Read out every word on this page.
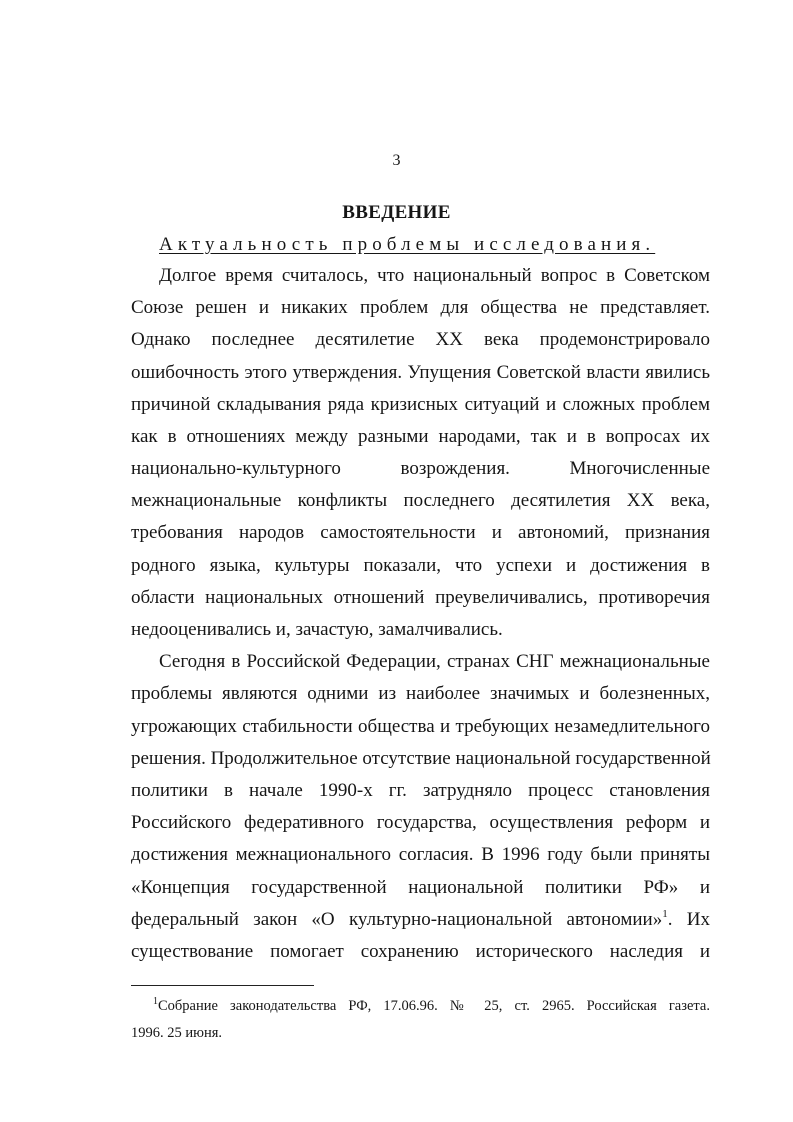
3
ВВЕДЕНИЕ
Актуальность проблемы исследования.
Долгое время считалось, что национальный вопрос в Советском
Союзе решен и никаких проблем для общества не представляет.
Однако последнее десятилетие XX века продемонстрировало
ошибочность этого утверждения. Упущения Советской власти явились
причиной складывания ряда кризисных ситуаций и сложных проблем
как в отношениях между разными народами, так и в вопросах их
национально-культурного возрождения. Многочисленные
межнациональные конфликты последнего десятилетия XX века,
требования народов самостоятельности и автономий, признания
родного языка, культуры показали, что успехи и достижения в
области национальных отношений преувеличивались, противоречия
недооценивались и, зачастую, замалчивались.
Сегодня в Российской Федерации, странах СНГ межнациональные
проблемы являются одними из наиболее значимых и болезненных,
угрожающих стабильности общества и требующих незамедлительного
решения. Продолжительное отсутствие национальной государственной
политики в начале 1990-х гг. затрудняло процесс становления
Российского федеративного государства, осуществления реформ и
достижения межнационального согласия. В 1996 году были приняты
«Концепция государственной национальной политики РФ» и
федеральный закон «О культурно-национальной автономии»$^1$. Их
существование помогает сохранению исторического наследия и
$^1$Собрание законодательства РФ, 17.06.96. № 25, ст. 2965. Российская газета.
1996. 25 июня.
